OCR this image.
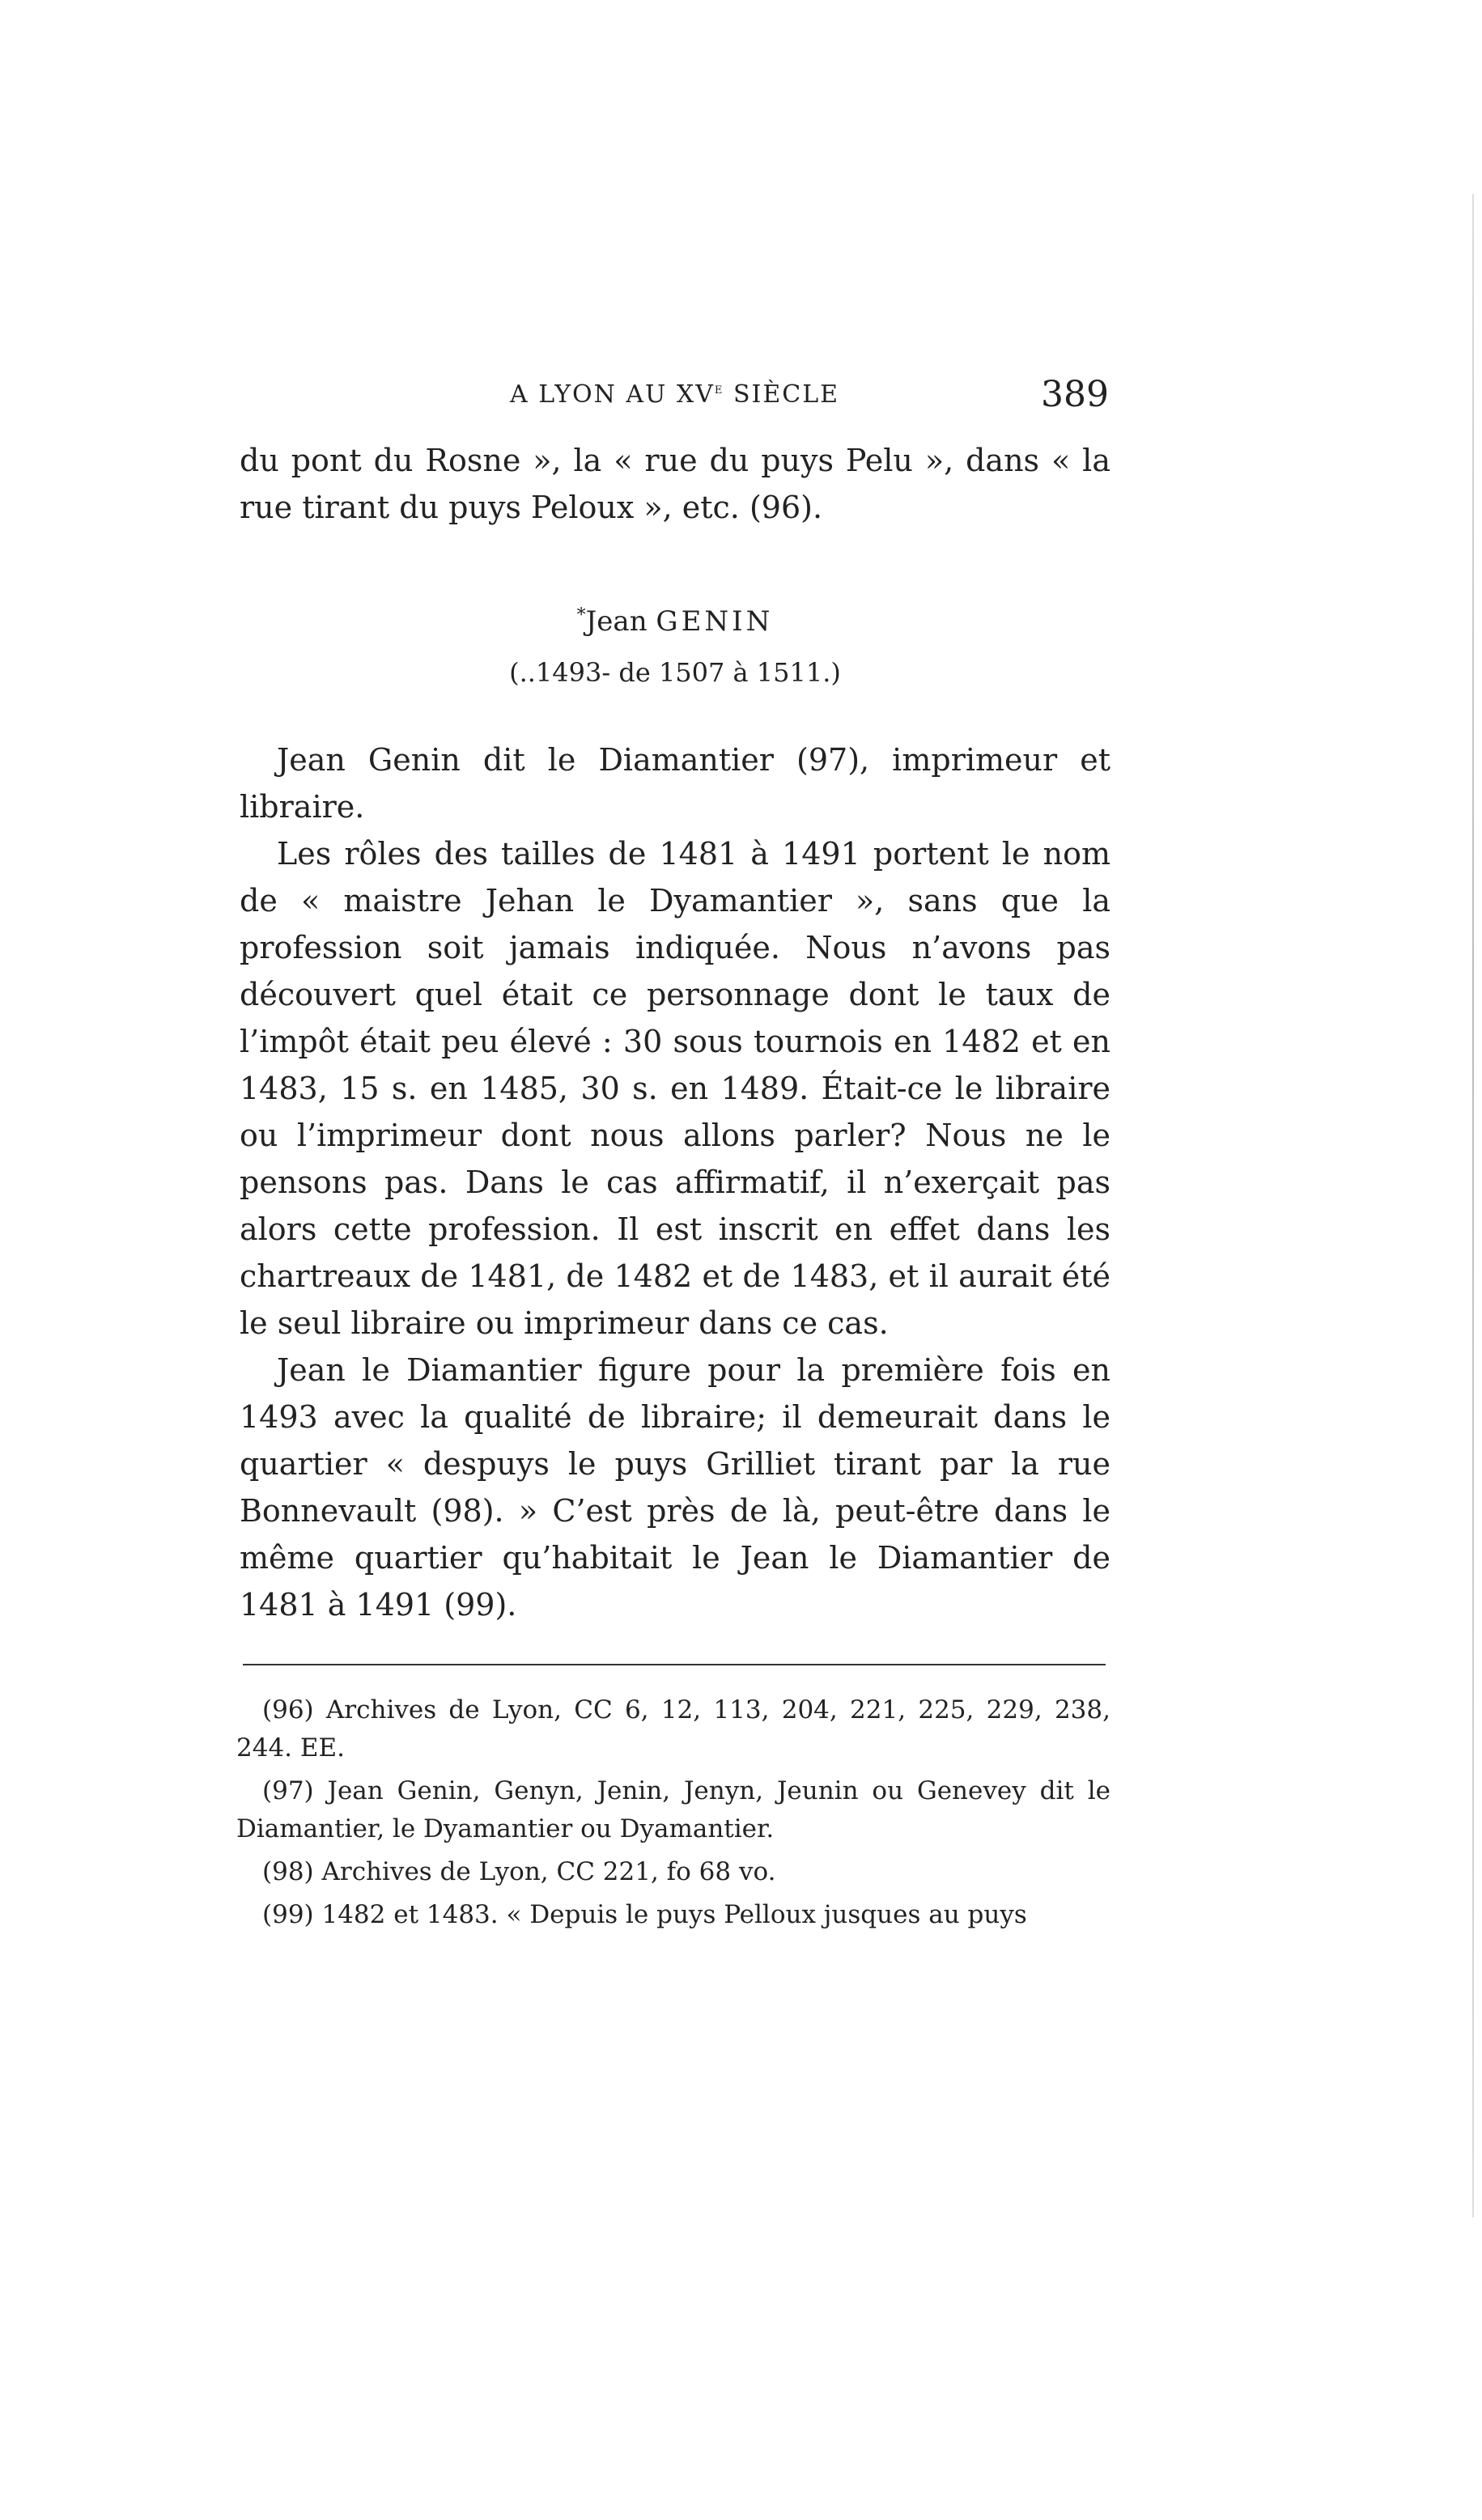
A LYON AU XVe SIÈCLE	389

du pont du Rosne », la « rue du puys Pelu », dans « la rue tirant du puys Peloux », etc. (96).

*Jean GENIN
(..1493- de 1507 à 1511.)

Jean Genin dit le Diamantier (97), imprimeur et libraire.

Les rôles des tailles de 1481 à 1491 portent le nom de « maistre Jehan le Dyamantier », sans que la profession soit jamais indiquée. Nous n’avons pas découvert quel était ce personnage dont le taux de l’impôt était peu élevé : 30 sous tournois en 1482 et en 1483, 15 s. en 1485, 30 s. en 1489. Était-ce le libraire ou l’imprimeur dont nous allons parler? Nous ne le pensons pas. Dans le cas affirmatif, il n’exerçait pas alors cette profession. Il est inscrit en effet dans les chartreaux de 1481, de 1482 et de 1483, et il aurait été le seul libraire ou imprimeur dans ce cas.

Jean le Diamantier figure pour la première fois en 1493 avec la qualité de libraire; il demeurait dans le quartier « despuys le puys Grilliet tirant par la rue Bonnevault (98). » C’est près de là, peut-être dans le même quartier qu’habitait le Jean le Diamantier de 1481 à 1491 (99).

(96) Archives de Lyon, CC 6, 12, 113, 204, 221, 225, 229, 238, 244. EE.

(97) Jean Genin, Genyn, Jenin, Jenyn, Jeunin ou Genevey dit le Diamantier, le Dyamantier ou Dyamantier.

(98) Archives de Lyon, CC 221, fo 68 vo.

(99) 1482 et 1483. « Depuis le puys Pelloux jusques au puys
